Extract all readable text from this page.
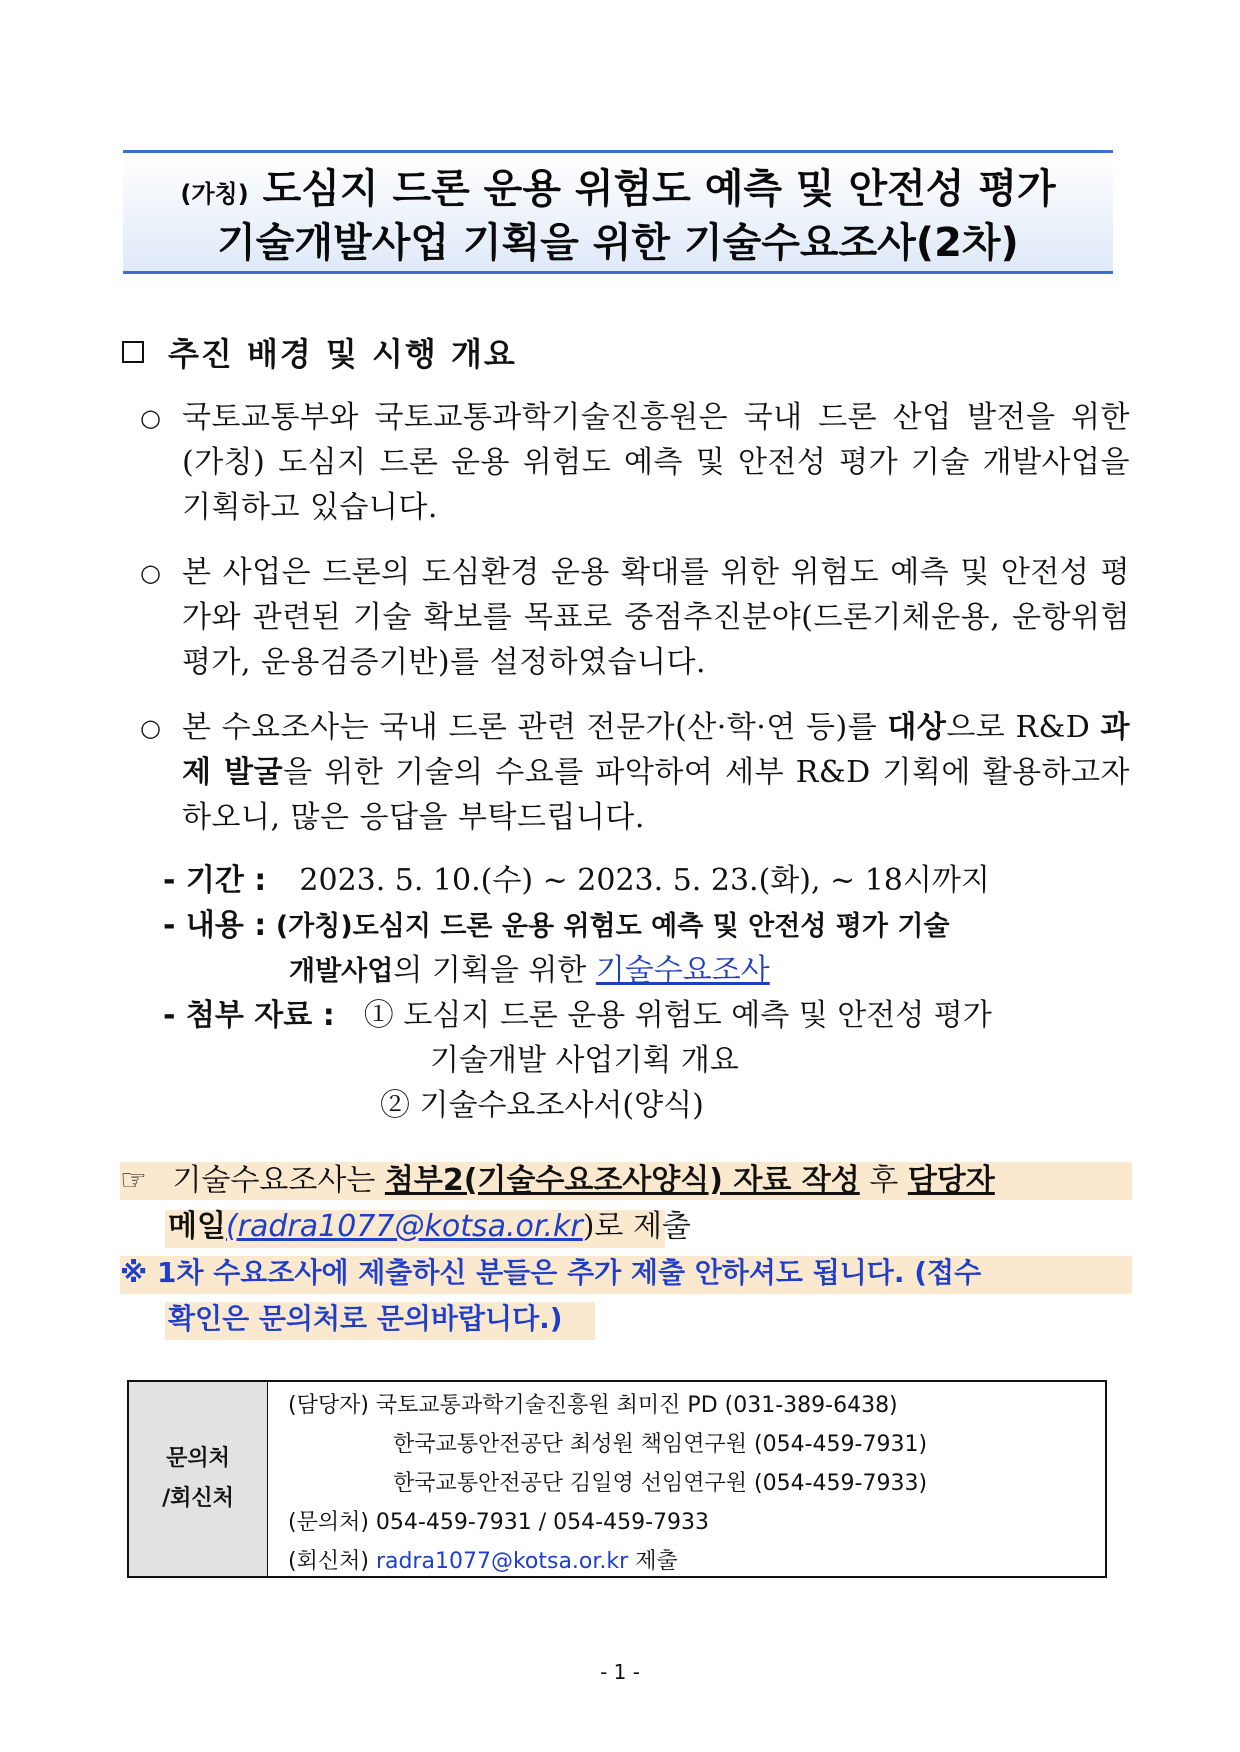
(가칭) 도심지 드론 운용 위험도 예측 및 안전성 평가
기술개발사업 기획을 위한 기술수요조사(2차)
추진 배경 및 시행 개요
○ 국토교통부와 국토교통과학기술진흥원은 국내 드론 산업 발전을 위한 (가칭) 도심지 드론 운용 위험도 예측 및 안전성 평가 기술 개발사업을 기획하고 있습니다.
○ 본 사업은 드론의 도심환경 운용 확대를 위한 위험도 예측 및 안전성 평가와 관련된 기술 확보를 목표로 중점추진분야(드론기체운용, 운항위험평가, 운용검증기반)를 설정하였습니다.
○ 본 수요조사는 국내 드론 관련 전문가(산·학·연 등)를 대상으로 R&D 과제 발굴을 위한 기술의 수요를 파악하여 세부 R&D 기획에 활용하고자 하오니, 많은 응답을 부탁드립니다.
- 기간 : 2023. 5. 10.(수) ~ 2023. 5. 23.(화), ~ 18시까지
- 내용 : (가칭)도심지 드론 운용 위험도 예측 및 안전성 평가 기술
개발사업의 기획을 위한 기술수요조사
- 첨부 자료 : ① 도심지 드론 운용 위험도 예측 및 안전성 평가
기술개발 사업기획 개요
② 기술수요조사서(양식)
☞ 기술수요조사는 첨부2(기술수요조사양식) 자료 작성 후 담당자
메일(radra1077@kotsa.or.kr)로 제출
※ 1차 수요조사에 제출하신 분들은 추가 제출 안하셔도 됩니다. (접수
확인은 문의처로 문의바랍니다.)
문의처
/회신처
(담당자) 국토교통과학기술진흥원 최미진 PD (031-389-6438)
한국교통안전공단 최성원 책임연구원 (054-459-7931)
한국교통안전공단 김일영 선임연구원 (054-459-7933)
(문의처) 054-459-7931 / 054-459-7933
(회신처) radra1077@kotsa.or.kr 제출
- 1 -
